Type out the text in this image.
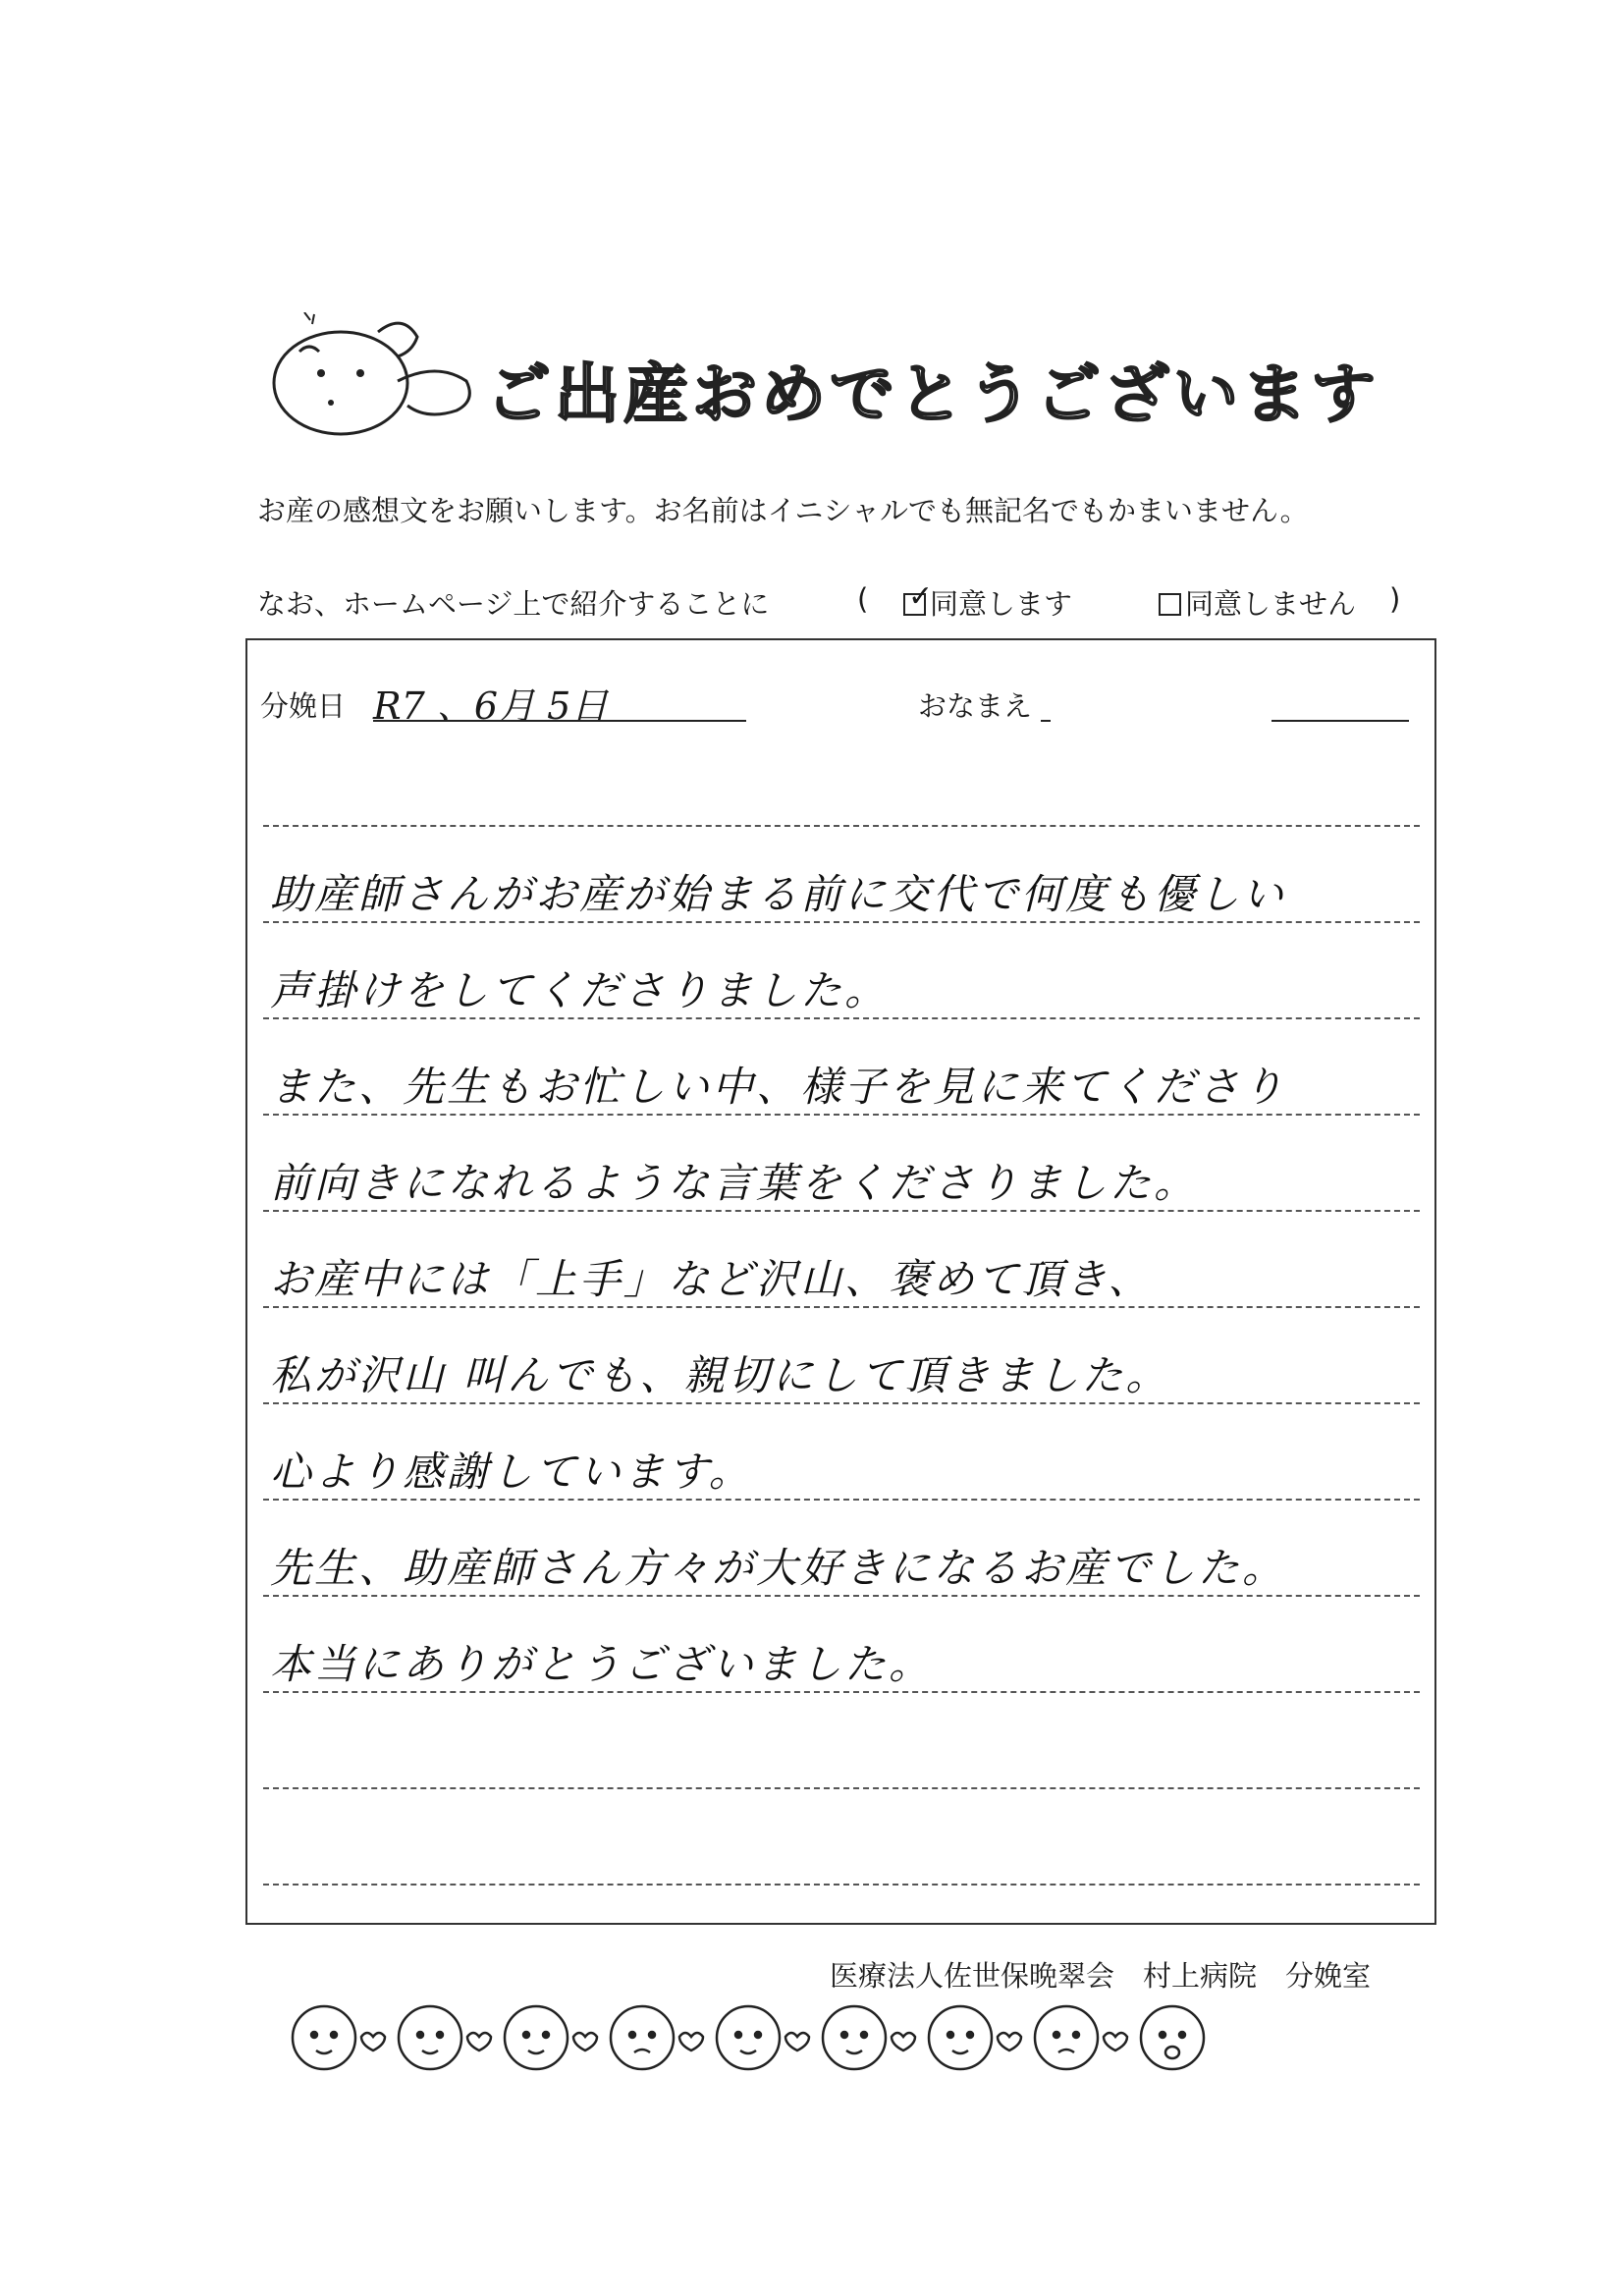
ご出産おめでとうございます
お産の感想文をお願いします。お名前はイニシャルでも無記名でもかまいません。
なお、ホームページ上で紹介することに	( ✓
同意します	同意しません )
分娩日 R7 、6月 5日	おなまえ
助産師さんがお産が始まる前に交代で何度も優しい
声掛けをしてくださりました。
また、先生もお忙しい中、様子を見に来てくださり
前向きになれるような言葉をくださりました。
お産中には「上手」など沢山、褒めて頂き、
私が沢山 叫んでも、親切にして頂きました。
心より感謝しています。
先生、助産師さん方々が大好きになるお産でした。
本当にありがとうございました。
医療法人佐世保晩翠会　村上病院　分娩室
